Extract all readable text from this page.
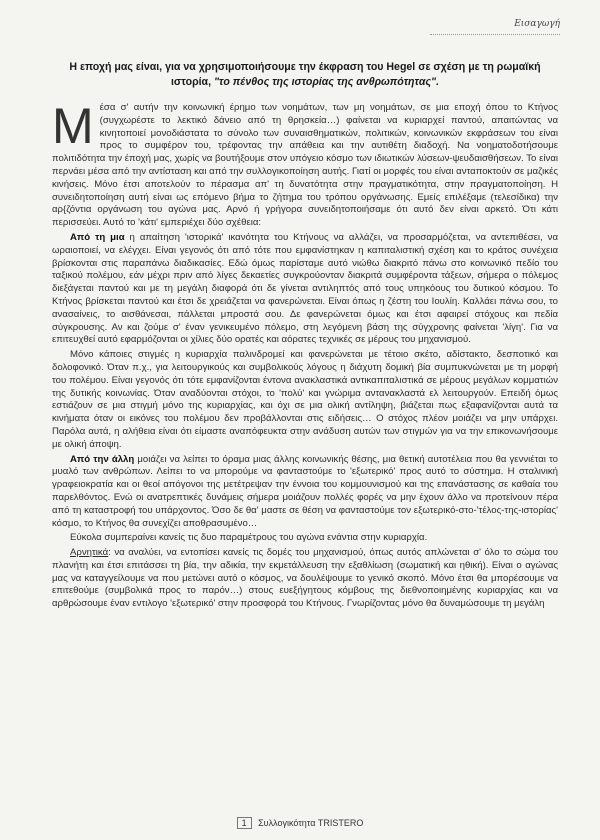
Εισαγωγή
Η εποχή μας είναι, για να χρησιμοποιήσουμε την έκφραση του Hegel σε σχέση με τη ρωμαϊκή ιστορία, "το πένθος της ιστορίας της ανθρωπότητας".

Μ έσα σ' αυτήν την κοινωνική έρημο των νοημάτων, των μη νοημάτων, σε μια εποχή όπου το Κτήνος (συγχωρέστε το λεκτικό δάνειο από τη θρησκεία…) φαίνεται να κυριαρχεί παντού, απαιτώντας να κινητοποιεί μονοδιάστατα το σύνολο των συναισθηματικών, πολιτικών, κοινωνικών εκφράσεων του είναι προς το συμφέρον του, τρέφοντας την απάθεια και την αυτιθέτη διαδοχή. Να νοηματοδοτήσουμε πολιτιδότητα την έποχή μας, χωρίς να βουτήξουμε στον υπόγειο κόσμο των ιδιωτικών λύσεων-ψευδαισθήσεων. Το είναι περνάει μέσα από την αντίσταση και από την συλλογικοποίηση αυτής. Γιατί οι μορφές του είναι ανταποκτούν σε μαζικές κινήσεις. Μόνο έτσι αποτελούν το πέρασμα απ' τη δυνατότητα στην πραγματικότητα, στην πραγματοποίηση. Η συνειδητοποίηση αυτή είναι ως επόμενο βήμα το ζήτημα του τρόπου οργάνωσης. Εμείς επιλέξαμε (τελεσίδικα) την αρ{ζόντια οργάνωση του αγώνα μας. Αρνό ή γρήγορα συνειδητοποιήσαμε ότι αυτό δεν είναι αρκετό. Ότι κάτι περισσεύει. Αυτό το 'κάτι' εμπεριέχει δύο σχέθεια:

Από τη μια η απαίτηση 'ιστορικά' ικανότητα του Κτήνους να αλλάζει, να προσαρμόζεται, να αντεπιθέσει, να ωραιοποιεί, να ελέγχει. Είναι γεγονός ότι από τότε που εμφανίστηκαν η καπιταλιστική σχέση και το κράτος συνέχεια βρίσκονται στις παραπάνω διαδικασίες. Εδώ όμως παρίσταμε αυτό νιώθω διακριτό πάνω στο κοινωνικό πεδίο του ταξικού πολέμου, εάν μέχρι πριν από λίγες δεκαετίες συγκρούονταν διακριτά συμφέροντα τάξεων, σήμερα ο πόλεμος διεξάγεται παντού και με τη μεγάλη διαφορά ότι δε γίνεται αντιληπτός από τους υπηκόους του δυτικού κόσμου. Το Κτήνος βρίσκεται παντού και έτσι δε χρειάζεται να φανερώνεται. Είναι όπως η ζέστη του Ιουλίη. Καλλάει πάνω σου, το ανασαίνεις, το αισθάνεσαι, πάλλεται μπροστά σου. Δε φανερώνεται όμως και έτσι αφαιρεί στόχους και πεδία σύγκρουσης. Αν και ζούμε σ' έναν γενικευμένο πόλεμο, στη λεγόμενη βάση της σύγχρονης φαίνεται 'λίγη'. Για να επιτευχθεί αυτό εφαρμόζονται οι χίλιες δύο ορατές και αόρατες τεχνικές σε μέρους του μηχανισμού.

Μόνο κάποιες στιγμές η κυριαρχία παλινδρομεί και φανερώνεται με τέτοιο σκέτο, αδίστακτο, δεσποτικό και δολοφονικό. Όταν π.χ., για λειτουργικούς και συμβολικούς λόγους η διάχυτη δομική βία συμπυκνώνεται με τη μορφή του πολέμου. Είναι γεγονός ότι τότε εμφανίζονται έντονα ανακλαστικά αντικαπιταλιστικά σε μέρους μεγάλων κομματιών της δυτικής κοινωνίας. Όταν αναδύονται στόχοι, το 'πολύ' και γνώριμα αντανακλαστά ελ λειτουργούν. Επειδή όμως εστιάζουν σε μια στιγμή μόνο της κυριαρχίας, και όχι σε μια ολική αντίληψη, βιάζεται πως εξαφανίζονται αυτά τα κινήματα όταν οι εικόνες του πολέμου δεν προβάλλονται στις ειδήσεις… Ο στόχος πλέον μοιάζει να μην υπάρχει. Παρόλα αυτά, η αλήθεια είναι ότι είμαστε αναπόφευκτα στην ανάδυση αυτών των στιγμών για να την επικονωνήσουμε με ολική άποψη.

Από την άλλη μοιάζει να λείπει το όραμα μιας άλλης κοινωνικής θέσης, μια θετική αυτοτέλεια που θα γεννιέται το μυαλό των ανθρώπων. Λείπει το να μπορούμε να φανταστούμε το 'εξωτερικό' προς αυτό το σύστημα. Η σταλινική γραφειοκρατία και οι θεοί απόγονοι της μετέτρεψαν την έννοια του κομμουνισμού και της επανάστασης σε καθαία του παρελθόντος. Ενώ οι ανατρεπτικές δυνάμεις σήμερα μοιάζουν πολλές φορές να μην έχουν άλλο να προτείνουν πέρα από τη καταστροφή του υπάρχοντος. Όσο δε θα' μαστε σε θέση να φανταστούμε τον εξωτερικό-στο-'τέλος-της-ιστορίας' κόσμο, το Κτήνος θα συνεχίζει αποθρασυμένο…

Εύκολα συμπεραίνει κανείς τις δυο παραμέτρους του αγώνα ενάντια στην κυριαρχία.

Αρνητικά: να αναλύει, να εντοπίσει κανείς τις δομές του μηχανισμού, όπως αυτός απλώνεται σ' όλο το σώμα του πλανήτη και έτσι επιτάσσει τη βία, την αδικία, την εκμετάλλευση την εξαθλίωση (σωματική και ηθική). Είναι ο αγώνας μας να καταγγείλουμε να που μετώνει αυτό ο κόσμος, να δουλέψουμε το γενικό σκοπό. Μόνο έτσι θα μπορέσουμε να επιτεθούμε (συμβολικά προς το παρόν…) στους ευεξήγητους κόμβους της διεθνοποιημένης κυριαρχίας και να αρθρώσουμε έναν εντιλογο 'εξωτερικό' στην προσφορά του Κτήνους. Γνωρίζοντας μόνο θα δυναμώσουμε τη μεγάλη

1 Συλλογικότητα TRISTERO
